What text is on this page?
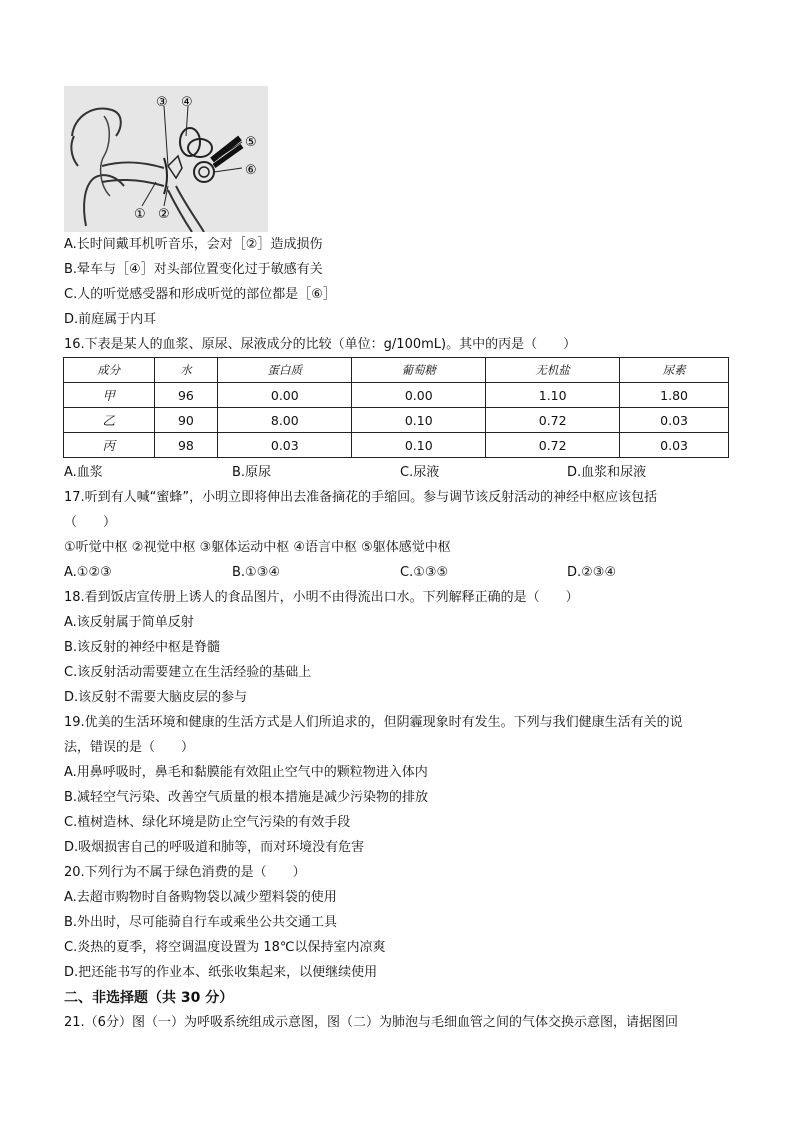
③ ④
⑤
⑥
① ②
A.长时间戴耳机听音乐，会对［②］造成损伤
B.晕车与［④］对头部位置变化过于敏感有关
C.人的听觉感受器和形成听觉的部位都是［⑥］
D.前庭属于内耳
16.下表是某人的血浆、原尿、尿液成分的比较（单位：g/100mL)。其中的丙是（　　）
成分	水	蛋白质	葡萄糖	无机盐	尿素
甲	96	0.00	0.00	1.10	1.80
乙	90	8.00	0.10	0.72	0.03
丙	98	0.03	0.10	0.72	0.03
A.血浆	B.原尿	C.尿液	D.血浆和尿液
17.听到有人喊“蜜蜂”，小明立即将伸出去准备摘花的手缩回。参与调节该反射活动的神经中枢应该包括
（　　）
①听觉中枢 ②视觉中枢 ③躯体运动中枢 ④语言中枢 ⑤躯体感觉中枢
A.①②③	B.①③④	C.①③⑤	D.②③④
18.看到饭店宣传册上诱人的食品图片，小明不由得流出口水。下列解释正确的是（　　）
A.该反射属于简单反射
B.该反射的神经中枢是脊髓
C.该反射活动需要建立在生活经验的基础上
D.该反射不需要大脑皮层的参与
19.优美的生活环境和健康的生活方式是人们所追求的，但阴霾现象时有发生。下列与我们健康生活有关的说
法，错误的是（　　）
A.用鼻呼吸时，鼻毛和黏膜能有效阻止空气中的颗粒物进入体内
B.减轻空气污染、改善空气质量的根本措施是减少污染物的排放
C.植树造林、绿化环境是防止空气污染的有效手段
D.吸烟损害自己的呼吸道和肺等，而对环境没有危害
20.下列行为不属于绿色消费的是（　　）
A.去超市购物时自备购物袋以减少塑料袋的使用
B.外出时，尽可能骑自行车或乘坐公共交通工具
C.炎热的夏季，将空调温度设置为 18℃以保持室内凉爽
D.把还能书写的作业本、纸张收集起来，以便继续使用
二、非选择题（共 30 分）
21.（6分）图（一）为呼吸系统组成示意图，图（二）为肺泡与毛细血管之间的气体交换示意图，请据图回
